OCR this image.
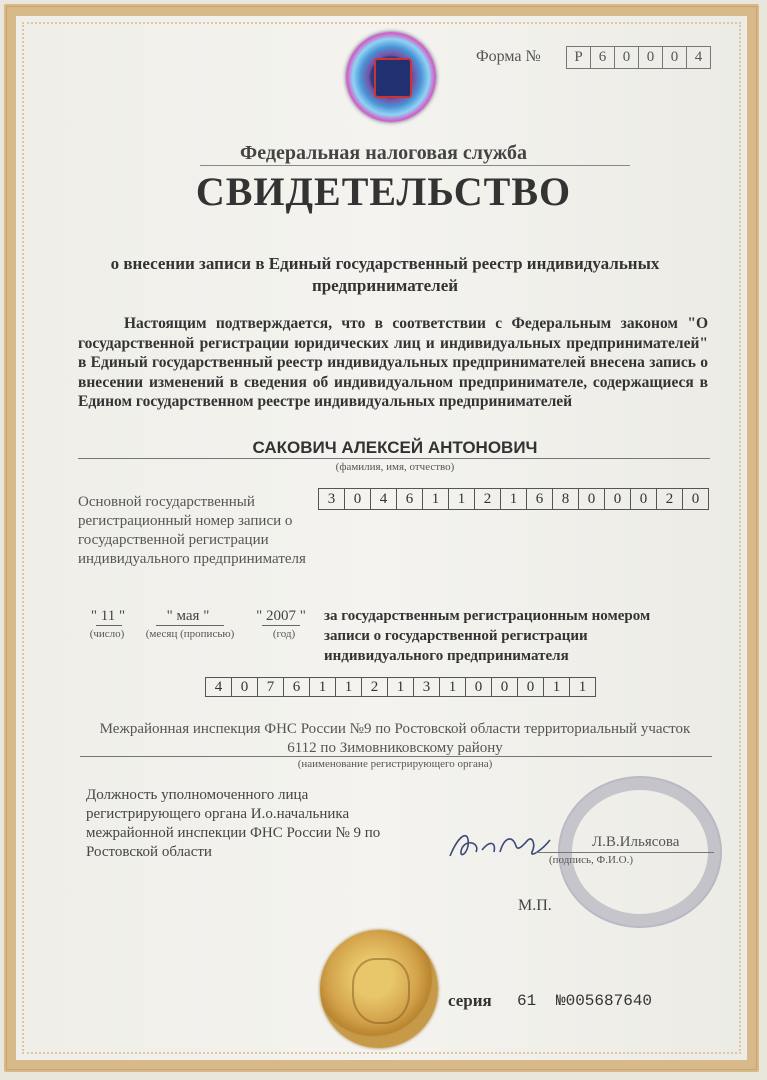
Форма №	Р	6	0	0	0	4
Федеральная налоговая служба
СВИДЕТЕЛЬСТВО
о внесении записи в Единый государственный реестр индивидуальных предпринимателей
Настоящим подтверждается, что в соответствии с Федеральным законом "О государственной регистрации юридических лиц и индивидуальных предпринимателей" в Единый государственный реестр индивидуальных предпринимателей внесена запись о внесении изменений в сведения об индивидуальном предпринимателе, содержащиеся в Едином государственном реестре индивидуальных предпринимателей
САКОВИЧ АЛЕКСЕЙ АНТОНОВИЧ
(фамилия, имя, отчество)
Основной государственный регистрационный номер записи о государственной регистрации индивидуального предпринимателя
3	0	4	6	1	1	2	1	6	8	0	0	0	2	0
" 11 "	" мая "	" 2007 "
(число)	(месяц (прописью)	(год)
за государственным регистрационным номером записи о государственной регистрации индивидуального предпринимателя
4	0	7	6	1	1	2	1	3	1	0	0	0	1	1
Межрайонная инспекция ФНС России №9 по Ростовской области территориальный участок 6112 по Зимовниковскому району
(наименование регистрирующего органа)
Должность уполномоченного лица регистрирующего органа И.о.начальника межрайонной инспекции ФНС России № 9 по Ростовской области
Л.В.Ильясова
(подпись, Ф.И.О.)
М.П.
серия 61 №005687640
